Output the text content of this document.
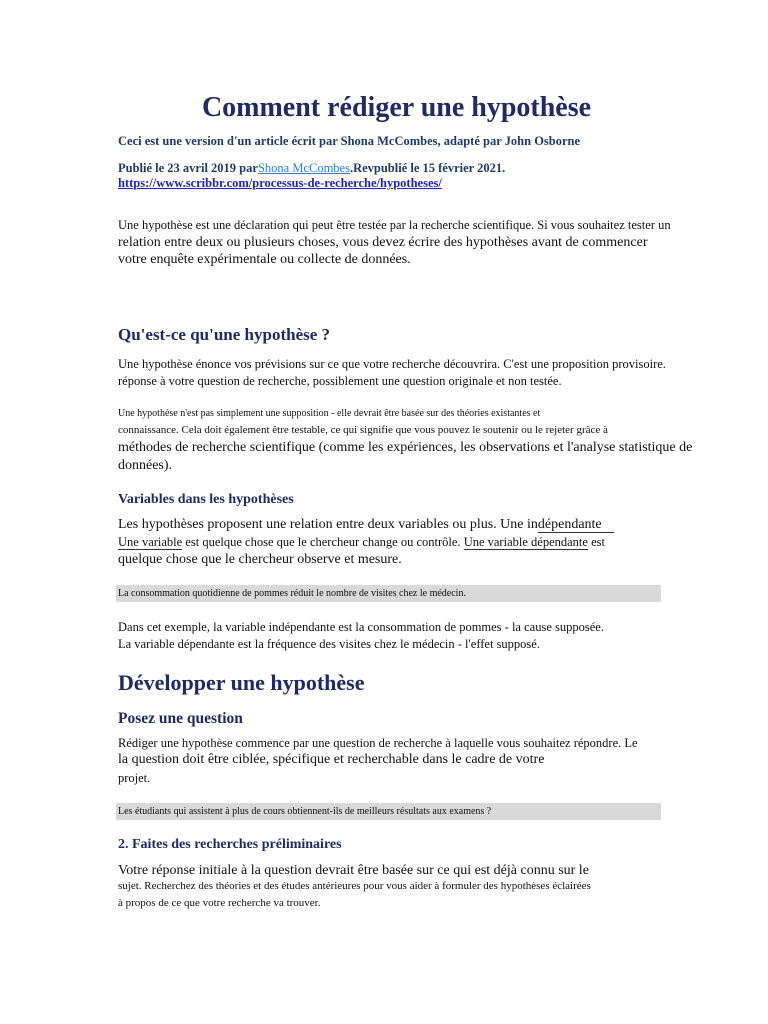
Comment rédiger une hypothèse
Ceci est une version d'un article écrit par Shona McCombes, adapté par John Osborne
Publié le 23 avril 2019 parShona McCombes.Revpublié le 15 février 2021.
https://www.scribbr.com/processus-de-recherche/hypotheses/
Une hypothèse est une déclaration qui peut être testée par la recherche scientifique. Si vous souhaitez tester un
relation entre deux ou plusieurs choses, vous devez écrire des hypothèses avant de commencer
votre enquête expérimentale ou collecte de données.
Qu'est-ce qu'une hypothèse ?
Une hypothèse énonce vos prévisions sur ce que votre recherche découvrira. C'est une proposition provisoire.
réponse à votre question de recherche, possiblement une question originale et non testée.
Une hypothèse n'est pas simplement une supposition - elle devrait être basée sur des théories existantes et
connaissance. Cela doit également être testable, ce qui signifie que vous pouvez le soutenir ou le rejeter grâce à
méthodes de recherche scientifique (comme les expériences, les observations et l'analyse statistique de
données).
Variables dans les hypothèses
Les hypothèses proposent une relation entre deux variables ou plus. Une indépendante
Une variable est quelque chose que le chercheur change ou contrôle. Une variable dépendante est
quelque chose que le chercheur observe et mesure.
La consommation quotidienne de pommes réduit le nombre de visites chez le médecin.
Dans cet exemple, la variable indépendante est la consommation de pommes - la cause supposée.
La variable dépendante est la fréquence des visites chez le médecin - l'effet supposé.
Développer une hypothèse
Posez une question
Rédiger une hypothèse commence par une question de recherche à laquelle vous souhaitez répondre. Le
la question doit être ciblée, spécifique et recherchable dans le cadre de votre
projet.
Les étudiants qui assistent à plus de cours obtiennent-ils de meilleurs résultats aux examens ?
2. Faites des recherches préliminaires
Votre réponse initiale à la question devrait être basée sur ce qui est déjà connu sur le
sujet. Recherchez des théories et des études antérieures pour vous aider à formuler des hypothèses éclairées
à propos de ce que votre recherche va trouver.
